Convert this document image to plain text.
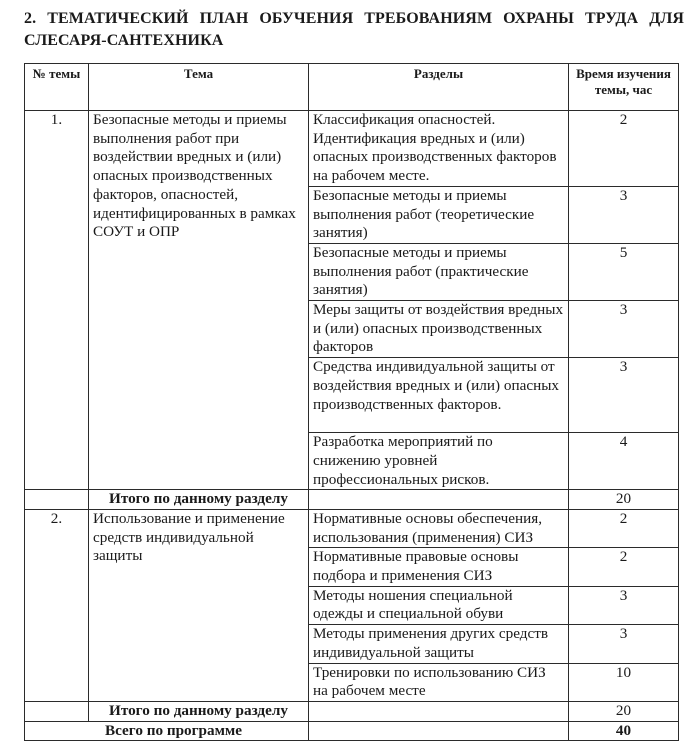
2. ТЕМАТИЧЕСКИЙ ПЛАН ОБУЧЕНИЯ ТРЕБОВАНИЯМ ОХРАНЫ ТРУДА ДЛЯ СЛЕСАРЯ-САНТЕХНИКА
№ темы	Тема	Разделы	Время изучения темы, час
1.	Безопасные методы и приемы выполнения работ при воздействии вредных и (или) опасных производственных факторов, опасностей, идентифицированных в рамках СОУТ и ОПР	Классификация опасностей. Идентификация вредных и (или) опасных производственных факторов на рабочем месте.	2
		Безопасные методы и приемы выполнения работ (теоретические занятия)	3
		Безопасные методы и приемы выполнения работ (практические занятия)	5
		Меры защиты от воздействия вредных и (или) опасных производственных факторов	3
		Средства индивидуальной защиты от воздействия вредных и (или) опасных производственных факторов.	3
		Разработка мероприятий по снижению уровней профессиональных рисков.	4
	Итого по данному разделу		20
2.	Использование и применение средств индивидуальной защиты	Нормативные основы обеспечения, использования (применения) СИЗ	2
		Нормативные правовые основы подбора и применения СИЗ	2
		Методы ношения специальной одежды и специальной обуви	3
		Методы применения других средств индивидуальной защиты	3
		Тренировки по использованию СИЗ на рабочем месте	10
	Итого по данному разделу		20
Всего по программе			40
